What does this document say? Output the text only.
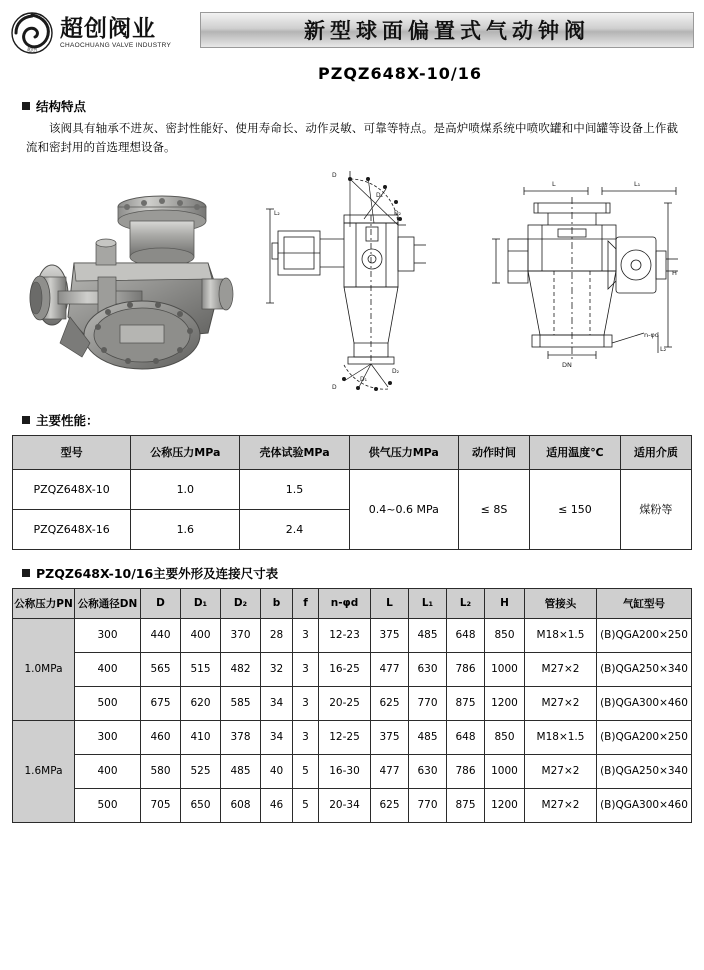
超创
超创阀业
CHAOCHUANG VALVE INDUSTRY
新型球面偏置式气动钟阀
PZQZ648X-10/16
结构特点
该阀具有轴承不进灰、密封性能好、使用寿命长、动作灵敏、可靠等特点。是高炉喷煤系统中喷吹罐和中间罐等设备上作截流和密封用的首选理想设备。
D
D₁
D₂
L₂
D
D₁
D₂
L	L₁
n-φd
H
L₂
DN
主要性能：
型号	公称压力MPa	壳体试验MPa	供气压力MPa	动作时间	适用温度℃	适用介质
PZQZ648X-10	1.0	1.5	0.4~0.6 MPa	≤ 8S	≤ 150	煤粉等
PZQZ648X-16	1.6	2.4				
PZQZ648X-10/16主要外形及连接尺寸表
公称压力PN	公称通径DN	D	D₁	D₂	b	f	n-φd	L	L₁	L₂	H	管接头	气缸型号
1.0MPa	300	440	400	370	28	3	12-23	375	485	648	850	M18×1.5	(B)QGA200×250
	400	565	515	482	32	3	16-25	477	630	786	1000	M27×2	(B)QGA250×340
	500	675	620	585	34	3	20-25	625	770	875	1200	M27×2	(B)QGA300×460
1.6MPa	300	460	410	378	34	3	12-25	375	485	648	850	M18×1.5	(B)QGA200×250
	400	580	525	485	40	5	16-30	477	630	786	1000	M27×2	(B)QGA250×340
	500	705	650	608	46	5	20-34	625	770	875	1200	M27×2	(B)QGA300×460
